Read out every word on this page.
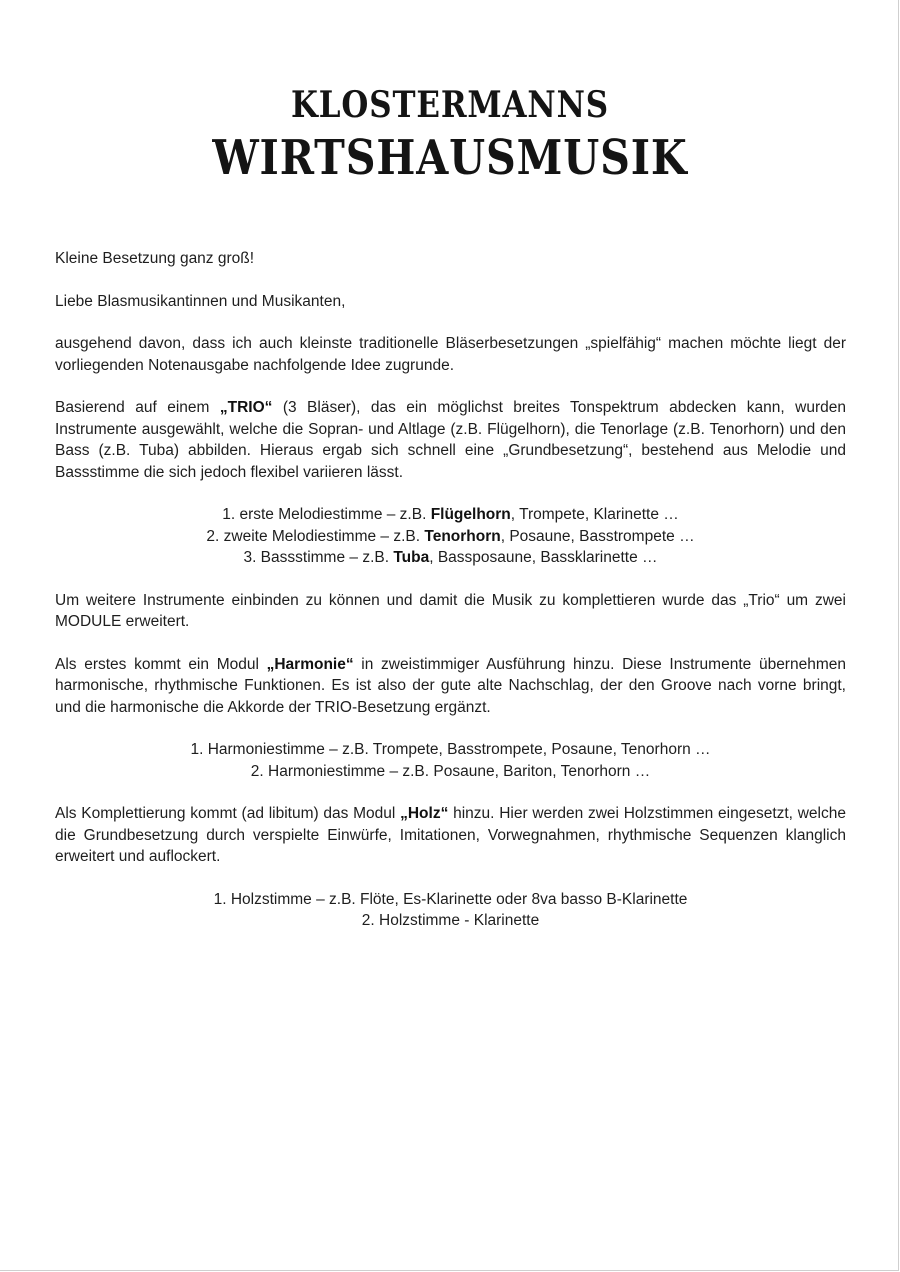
KLOSTERMANNS
WIRTSHAUSMUSIK

Kleine Besetzung ganz groß!

Liebe Blasmusikantinnen und Musikanten,

ausgehend davon, dass ich auch kleinste traditionelle Bläserbesetzungen „spielfähig“ machen möchte liegt der vorliegenden Notenausgabe nachfolgende Idee zugrunde.

Basierend auf einem „TRIO“ (3 Bläser), das ein möglichst breites Tonspektrum abdecken kann, wurden Instrumente ausgewählt, welche die Sopran- und Altlage (z.B. Flügelhorn), die Tenorlage (z.B. Tenorhorn) und den Bass (z.B. Tuba) abbilden. Hieraus ergab sich schnell eine „Grundbesetzung“, bestehend aus Melodie und Bassstimme die sich jedoch flexibel variieren lässt.

1. erste Melodiestimme – z.B. Flügelhorn, Trompete, Klarinette …
2. zweite Melodiestimme – z.B. Tenorhorn, Posaune, Basstrompete …
3. Bassstimme – z.B. Tuba, Bassposaune, Bassklarinette …

Um weitere Instrumente einbinden zu können und damit die Musik zu komplettieren wurde das „Trio“ um zwei MODULE erweitert.

Als erstes kommt ein Modul „Harmonie“ in zweistimmiger Ausführung hinzu. Diese Instrumente übernehmen harmonische, rhythmische Funktionen. Es ist also der gute alte Nachschlag, der den Groove nach vorne bringt, und die harmonische die Akkorde der TRIO-Besetzung ergänzt.

1. Harmoniestimme – z.B. Trompete, Basstrompete, Posaune, Tenorhorn …
2. Harmoniestimme – z.B. Posaune, Bariton, Tenorhorn …

Als Komplettierung kommt (ad libitum) das Modul „Holz“ hinzu. Hier werden zwei Holzstimmen eingesetzt, welche die Grundbesetzung durch verspielte Einwürfe, Imitationen, Vorwegnahmen, rhythmische Sequenzen klanglich erweitert und auflockert.

1. Holzstimme – z.B. Flöte, Es-Klarinette oder 8va basso B-Klarinette
2. Holzstimme - Klarinette
